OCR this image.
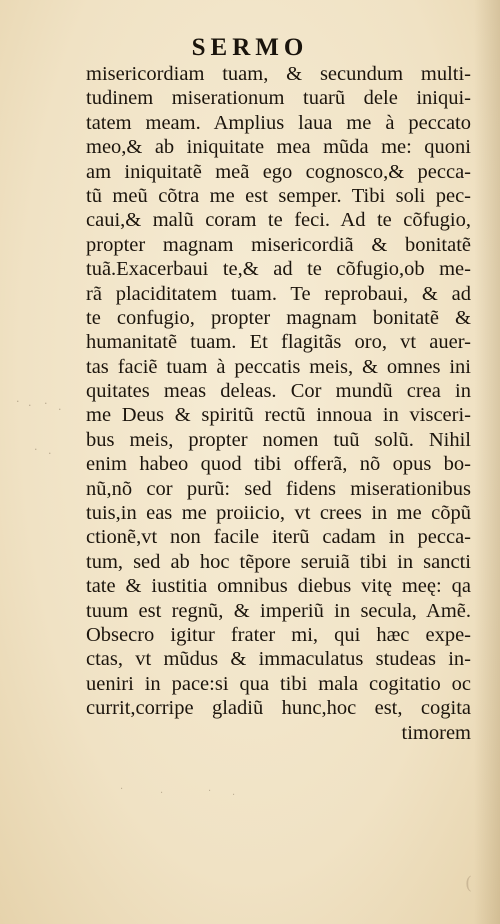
SERMO
misericordiam tuam, & secundum multi-
tudinem miserationum tuarũ dele iniqui-
tatem meam. Amplius laua me à peccato
meo,& ab iniquitate mea mũda me: quoni
am iniquitatẽ meã ego cognosco,& pecca-
tũ meũ cõtra me est semper. Tibi soli pec-
caui,& malũ coram te feci. Ad te cõfugio,
propter magnam misericordiã & bonitatẽ
tuã.Exacerbaui te,& ad te cõfugio,ob me-
rã placiditatem tuam. Te reprobaui, & ad
te confugio, propter magnam bonitatẽ &
humanitatẽ tuam. Et flagitãs oro, vt auer-
tas faciẽ tuam à peccatis meis, & omnes ini
quitates meas deleas. Cor mundũ crea in
me Deus & spiritũ rectũ innoua in visceri-
bus meis, propter nomen tuũ solũ. Nihil
enim habeo quod tibi offerã, nõ opus bo-
nũ,nõ cor purũ: sed fidens miserationibus
tuis,in eas me proiicio, vt crees in me cõpũ
ctionẽ,vt non facile iterũ cadam in pecca-
tum, sed ab hoc tẽpore seruiã tibi in sancti
tate & iustitia omnibus diebus vitę meę: qa
tuum est regnũ, & imperiũ in secula, Amẽ.
Obsecro igitur frater mi, qui hæc expe-
ctas, vt mũdus & immaculatus studeas in-
ueniri in pace:si qua tibi mala cogitatio oc
currit,corripe gladiũ hunc,hoc est, cogita
timorem
· · · ·
· ·
·	·	· ·
(
